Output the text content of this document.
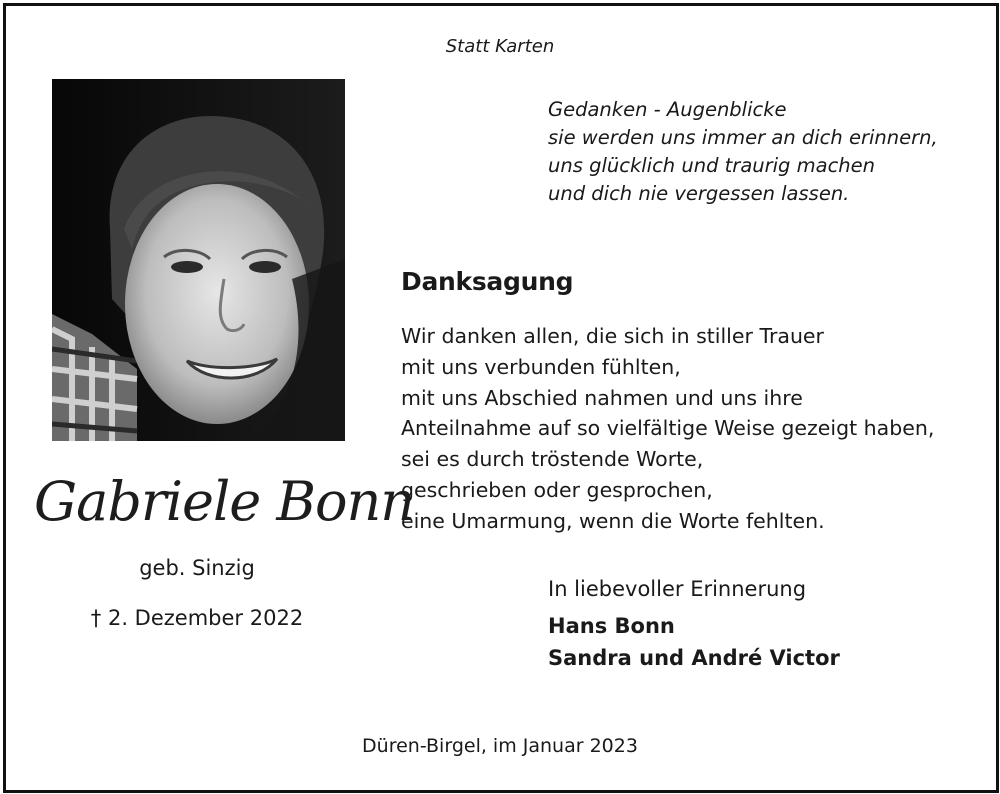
Statt Karten
Gedanken - Augenblicke
sie werden uns immer an dich erinnern,
uns glücklich und traurig machen
und dich nie vergessen lassen.
Danksagung
Wir danken allen, die sich in stiller Trauer
mit uns verbunden fühlten,
mit uns Abschied nahmen und uns ihre
Anteilnahme auf so vielfältige Weise gezeigt haben,
sei es durch tröstende Worte,
geschrieben oder gesprochen,
eine Umarmung, wenn die Worte fehlten.
Gabriele Bonn
geb. Sinzig
† 2. Dezember 2022
In liebevoller Erinnerung
Hans Bonn
Sandra und André Victor
Düren-Birgel, im Januar 2023
